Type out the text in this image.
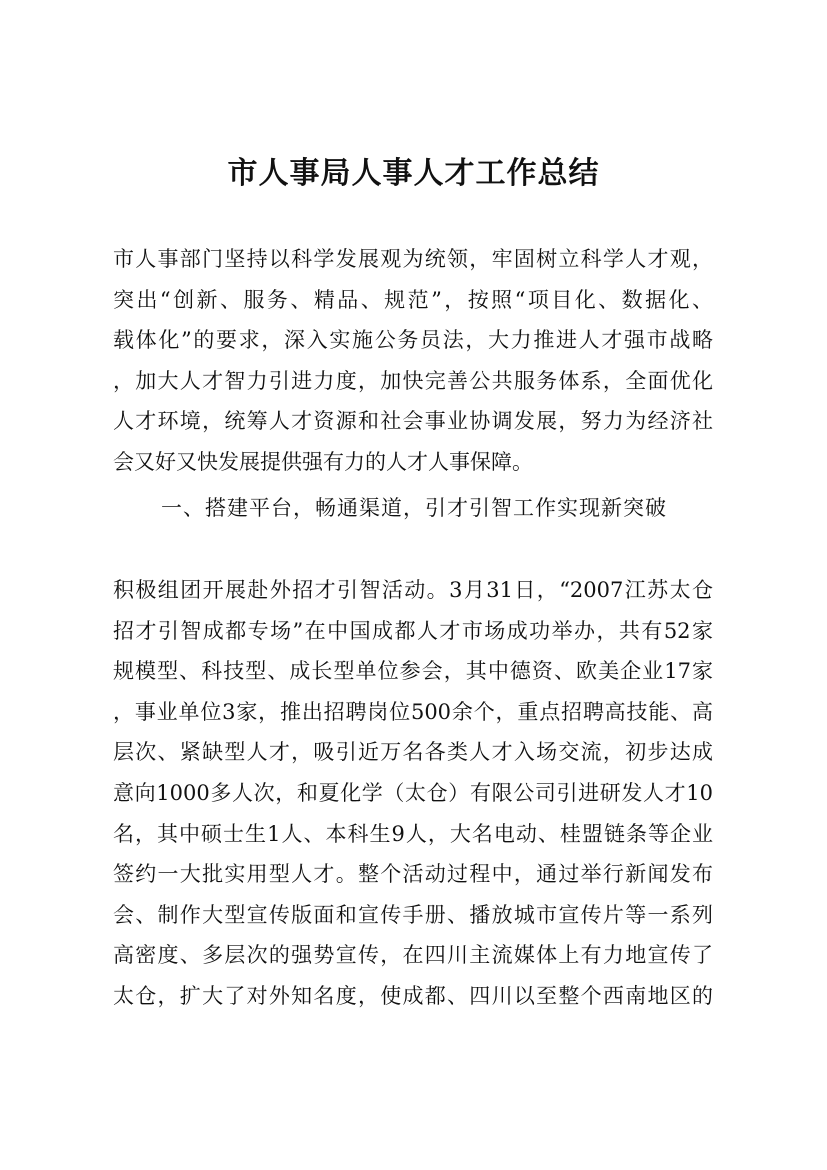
市人事局人事人才工作总结
市人事部门坚持以科学发展观为统领，牢固树立科学人才观，
突出“创新、服务、精品、规范”，按照“项目化、数据化、
载体化”的要求，深入实施公务员法，大力推进人才强市战略
，加大人才智力引进力度，加快完善公共服务体系，全面优化
人才环境，统筹人才资源和社会事业协调发展，努力为经济社
会又好又快发展提供强有力的人才人事保障。
一、搭建平台，畅通渠道，引才引智工作实现新突破
积极组团开展赴外招才引智活动。3月31日，“2007江苏太仓
招才引智成都专场”在中国成都人才市场成功举办，共有52家
规模型、科技型、成长型单位参会，其中德资、欧美企业17家
，事业单位3家，推出招聘岗位500余个，重点招聘高技能、高
层次、紧缺型人才，吸引近万名各类人才入场交流，初步达成
意向1000多人次，和夏化学（太仓）有限公司引进研发人才10
名，其中硕士生1人、本科生9人，大名电动、桂盟链条等企业
签约一大批实用型人才。整个活动过程中，通过举行新闻发布
会、制作大型宣传版面和宣传手册、播放城市宣传片等一系列
高密度、多层次的强势宣传，在四川主流媒体上有力地宣传了
太仓，扩大了对外知名度，使成都、四川以至整个西南地区的
